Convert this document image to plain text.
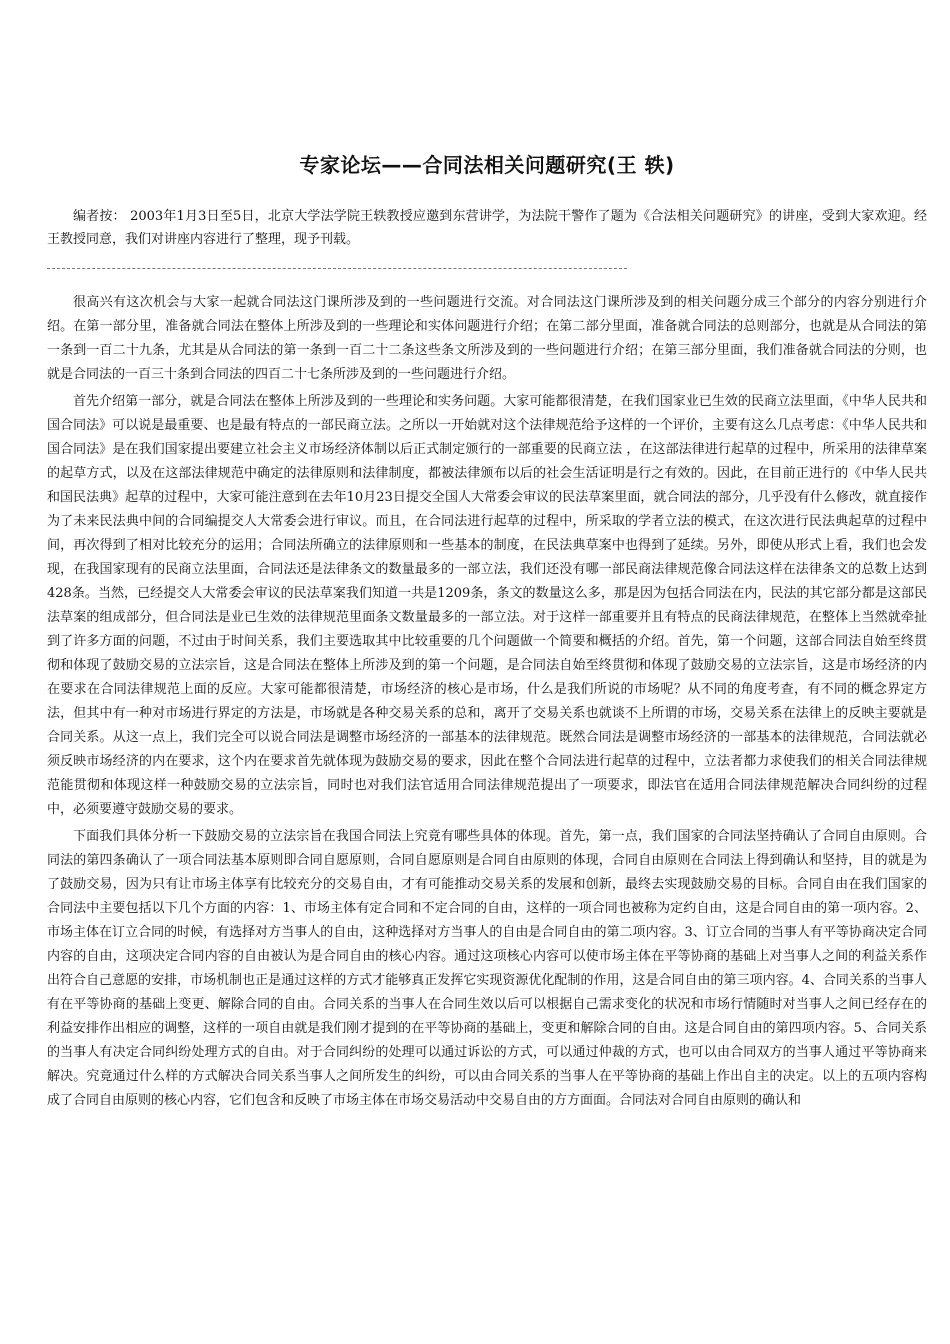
专家论坛——合同法相关问题研究(王 轶)

编者按： 2003年1月3日至5日，北京大学法学院王轶教授应邀到东营讲学，为法院干警作了题为《合法相关问题研究》的讲座，受到大家欢迎。经王教授同意，我们对讲座内容进行了整理，现予刊载。

很高兴有这次机会与大家一起就合同法这门课所涉及到的一些问题进行交流。对合同法这门课所涉及到的相关问题分成三个部分的内容分别进行介绍。在第一部分里，准备就合同法在整体上所涉及到的一些理论和实体问题进行介绍；在第二部分里面，准备就合同法的总则部分，也就是从合同法的第一条到一百二十九条，尤其是从合同法的第一条到一百二十二条这些条文所涉及到的一些问题进行介绍；在第三部分里面，我们准备就合同法的分则，也就是合同法的一百三十条到合同法的四百二十七条所涉及到的一些问题进行介绍。

首先介绍第一部分，就是合同法在整体上所涉及到的一些理论和实务问题。大家可能都很清楚，在我们国家业已生效的民商立法里面，《中华人民共和国合同法》可以说是最重要、也是最有特点的一部民商立法。之所以一开始就对这个法律规范给予这样的一个评价，主要有这么几点考虑：《中华人民共和国合同法》是在我们国家提出要建立社会主义市场经济体制以后正式制定颁行的一部重要的民商立法 ，在这部法律进行起草的过程中，所采用的法律草案的起草方式，以及在这部法律规范中确定的法律原则和法律制度，都被法律颁布以后的社会生活证明是行之有效的。因此，在目前正进行的《中华人民共和国民法典》起草的过程中，大家可能注意到在去年10月23日提交全国人大常委会审议的民法草案里面，就合同法的部分，几乎没有什么修改，就直接作为了未来民法典中间的合同编提交人大常委会进行审议。而且，在合同法进行起草的过程中，所采取的学者立法的模式，在这次进行民法典起草的过程中间，再次得到了相对比较充分的运用；合同法所确立的法律原则和一些基本的制度，在民法典草案中也得到了延续。另外，即使从形式上看，我们也会发现，在我国家现有的民商立法里面，合同法还是法律条文的数量最多的一部立法，我们还没有哪一部民商法律规范像合同法这样在法律条文的总数上达到428条。当然，已经提交人大常委会审议的民法草案我们知道一共是1209条，条文的数量这么多，那是因为包括合同法在内，民法的其它部分都是这部民法草案的组成部分，但合同法是业已生效的法律规范里面条文数量最多的一部立法。对于这样一部重要并且有特点的民商法律规范，在整体上当然就牵扯到了许多方面的问题，不过由于时间关系，我们主要选取其中比较重要的几个问题做一个简要和概括的介绍。首先，第一个问题，这部合同法自始至终贯彻和体现了鼓励交易的立法宗旨，这是合同法在整体上所涉及到的第一个问题，是合同法自始至终贯彻和体现了鼓励交易的立法宗旨，这是市场经济的内在要求在合同法律规范上面的反应。大家可能都很清楚，市场经济的核心是市场，什么是我们所说的市场呢？从不同的角度考查，有不同的概念界定方法，但其中有一种对市场进行界定的方法是，市场就是各种交易关系的总和，离开了交易关系也就谈不上所谓的市场，交易关系在法律上的反映主要就是合同关系。从这一点上，我们完全可以说合同法是调整市场经济的一部基本的法律规范。既然合同法是调整市场经济的一部基本的法律规范，合同法就必须反映市场经济的内在要求，这个内在要求首先就体现为鼓励交易的要求，因此在整个合同法进行起草的过程中，立法者都力求使我们的相关合同法律规范能贯彻和体现这样一种鼓励交易的立法宗旨，同时也对我们法官适用合同法律规范提出了一项要求，即法官在适用合同法律规范解决合同纠纷的过程中，必须要遵守鼓励交易的要求。

下面我们具体分析一下鼓励交易的立法宗旨在我国合同法上究竟有哪些具体的体现。首先，第一点，我们国家的合同法坚持确认了合同自由原则。合同法的第四条确认了一项合同法基本原则即合同自愿原则，合同自愿原则是合同自由原则的体现，合同自由原则在合同法上得到确认和坚持，目的就是为了鼓励交易，因为只有让市场主体享有比较充分的交易自由，才有可能推动交易关系的发展和创新，最终去实现鼓励交易的目标。合同自由在我们国家的合同法中主要包括以下几个方面的内容：1、市场主体有定合同和不定合同的自由，这样的一项合同也被称为定约自由，这是合同自由的第一项内容。2、市场主体在订立合同的时候，有选择对方当事人的自由，这种选择对方当事人的自由是合同自由的第二项内容。3、订立合同的当事人有平等协商决定合同内容的自由，这项决定合同内容的自由被认为是合同自由的核心内容。通过这项核心内容可以使市场主体在平等协商的基础上对当事人之间的利益关系作出符合自己意愿的安排，市场机制也正是通过这样的方式才能够真正发挥它实现资源优化配制的作用，这是合同自由的第三项内容。4、合同关系的当事人有在平等协商的基础上变更、解除合同的自由。合同关系的当事人在合同生效以后可以根据自己需求变化的状况和市场行情随时对当事人之间已经存在的利益安排作出相应的调整，这样的一项自由就是我们刚才提到的在平等协商的基础上，变更和解除合同的自由。这是合同自由的第四项内容。5、合同关系的当事人有决定合同纠纷处理方式的自由。对于合同纠纷的处理可以通过诉讼的方式，可以通过仲裁的方式，也可以由合同双方的当事人通过平等协商来解决。究竟通过什么样的方式解决合同关系当事人之间所发生的纠纷，可以由合同关系的当事人在平等协商的基础上作出自主的决定。以上的五项内容构成了合同自由原则的核心内容，它们包含和反映了市场主体在市场交易活动中交易自由的方方面面。合同法对合同自由原则的确认和
